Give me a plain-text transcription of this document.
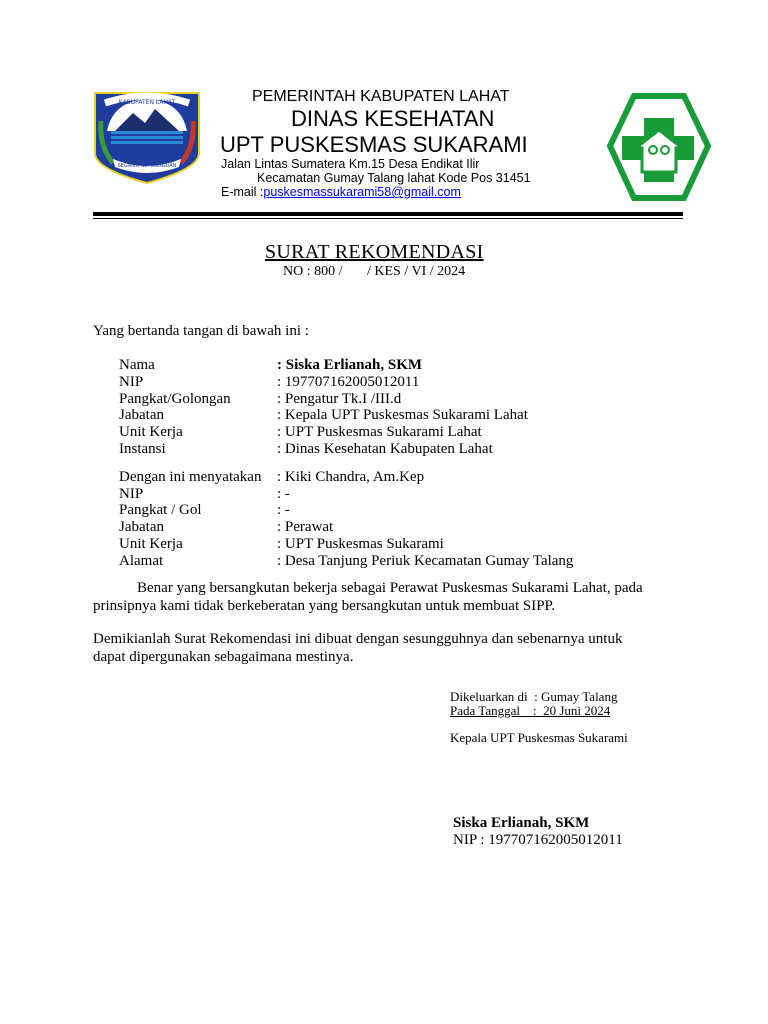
KABUPATEN LAHAT
SEGANTI SETUNGGUAN
PEMERINTAH KABUPATEN LAHAT
DINAS KESEHATAN
UPT PUSKESMAS SUKARAMI
Jalan Lintas Sumatera Km.15 Desa Endikat Ilir
Kecamatan Gumay Talang lahat Kode Pos 31451
E-mail :puskesmassukarami58@gmail.com
SURAT REKOMENDASI
NO : 800 /       / KES / VI / 2024
Yang bertanda tangan di bawah ini :
Nama	: Siska Erlianah, SKM
NIP	: 197707162005012011
Pangkat/Golongan	: Pengatur Tk.I /III.d
Jabatan	: Kepala UPT Puskesmas Sukarami Lahat
Unit Kerja	: UPT Puskesmas Sukarami Lahat
Instansi	: Dinas Kesehatan Kabupaten Lahat
Dengan ini menyatakan : Kiki Chandra, Am.Kep
NIP	: -
Pangkat / Gol	: -
Jabatan	: Perawat
Unit Kerja	: UPT Puskesmas Sukarami
Alamat	: Desa Tanjung Periuk Kecamatan Gumay Talang
Benar yang bersangkutan bekerja sebagai Perawat Puskesmas Sukarami Lahat, pada
prinsipnya kami tidak berkeberatan yang bersangkutan untuk membuat SIPP.
Demikianlah Surat Rekomendasi ini dibuat dengan sesungguhnya dan sebenarnya untuk
dapat dipergunakan sebagaimana mestinya.
Dikeluarkan di  : Gumay Talang
Pada Tanggal    :  20 Juni 2024
Kepala UPT Puskesmas Sukarami
Siska Erlianah, SKM
NIP : 197707162005012011
